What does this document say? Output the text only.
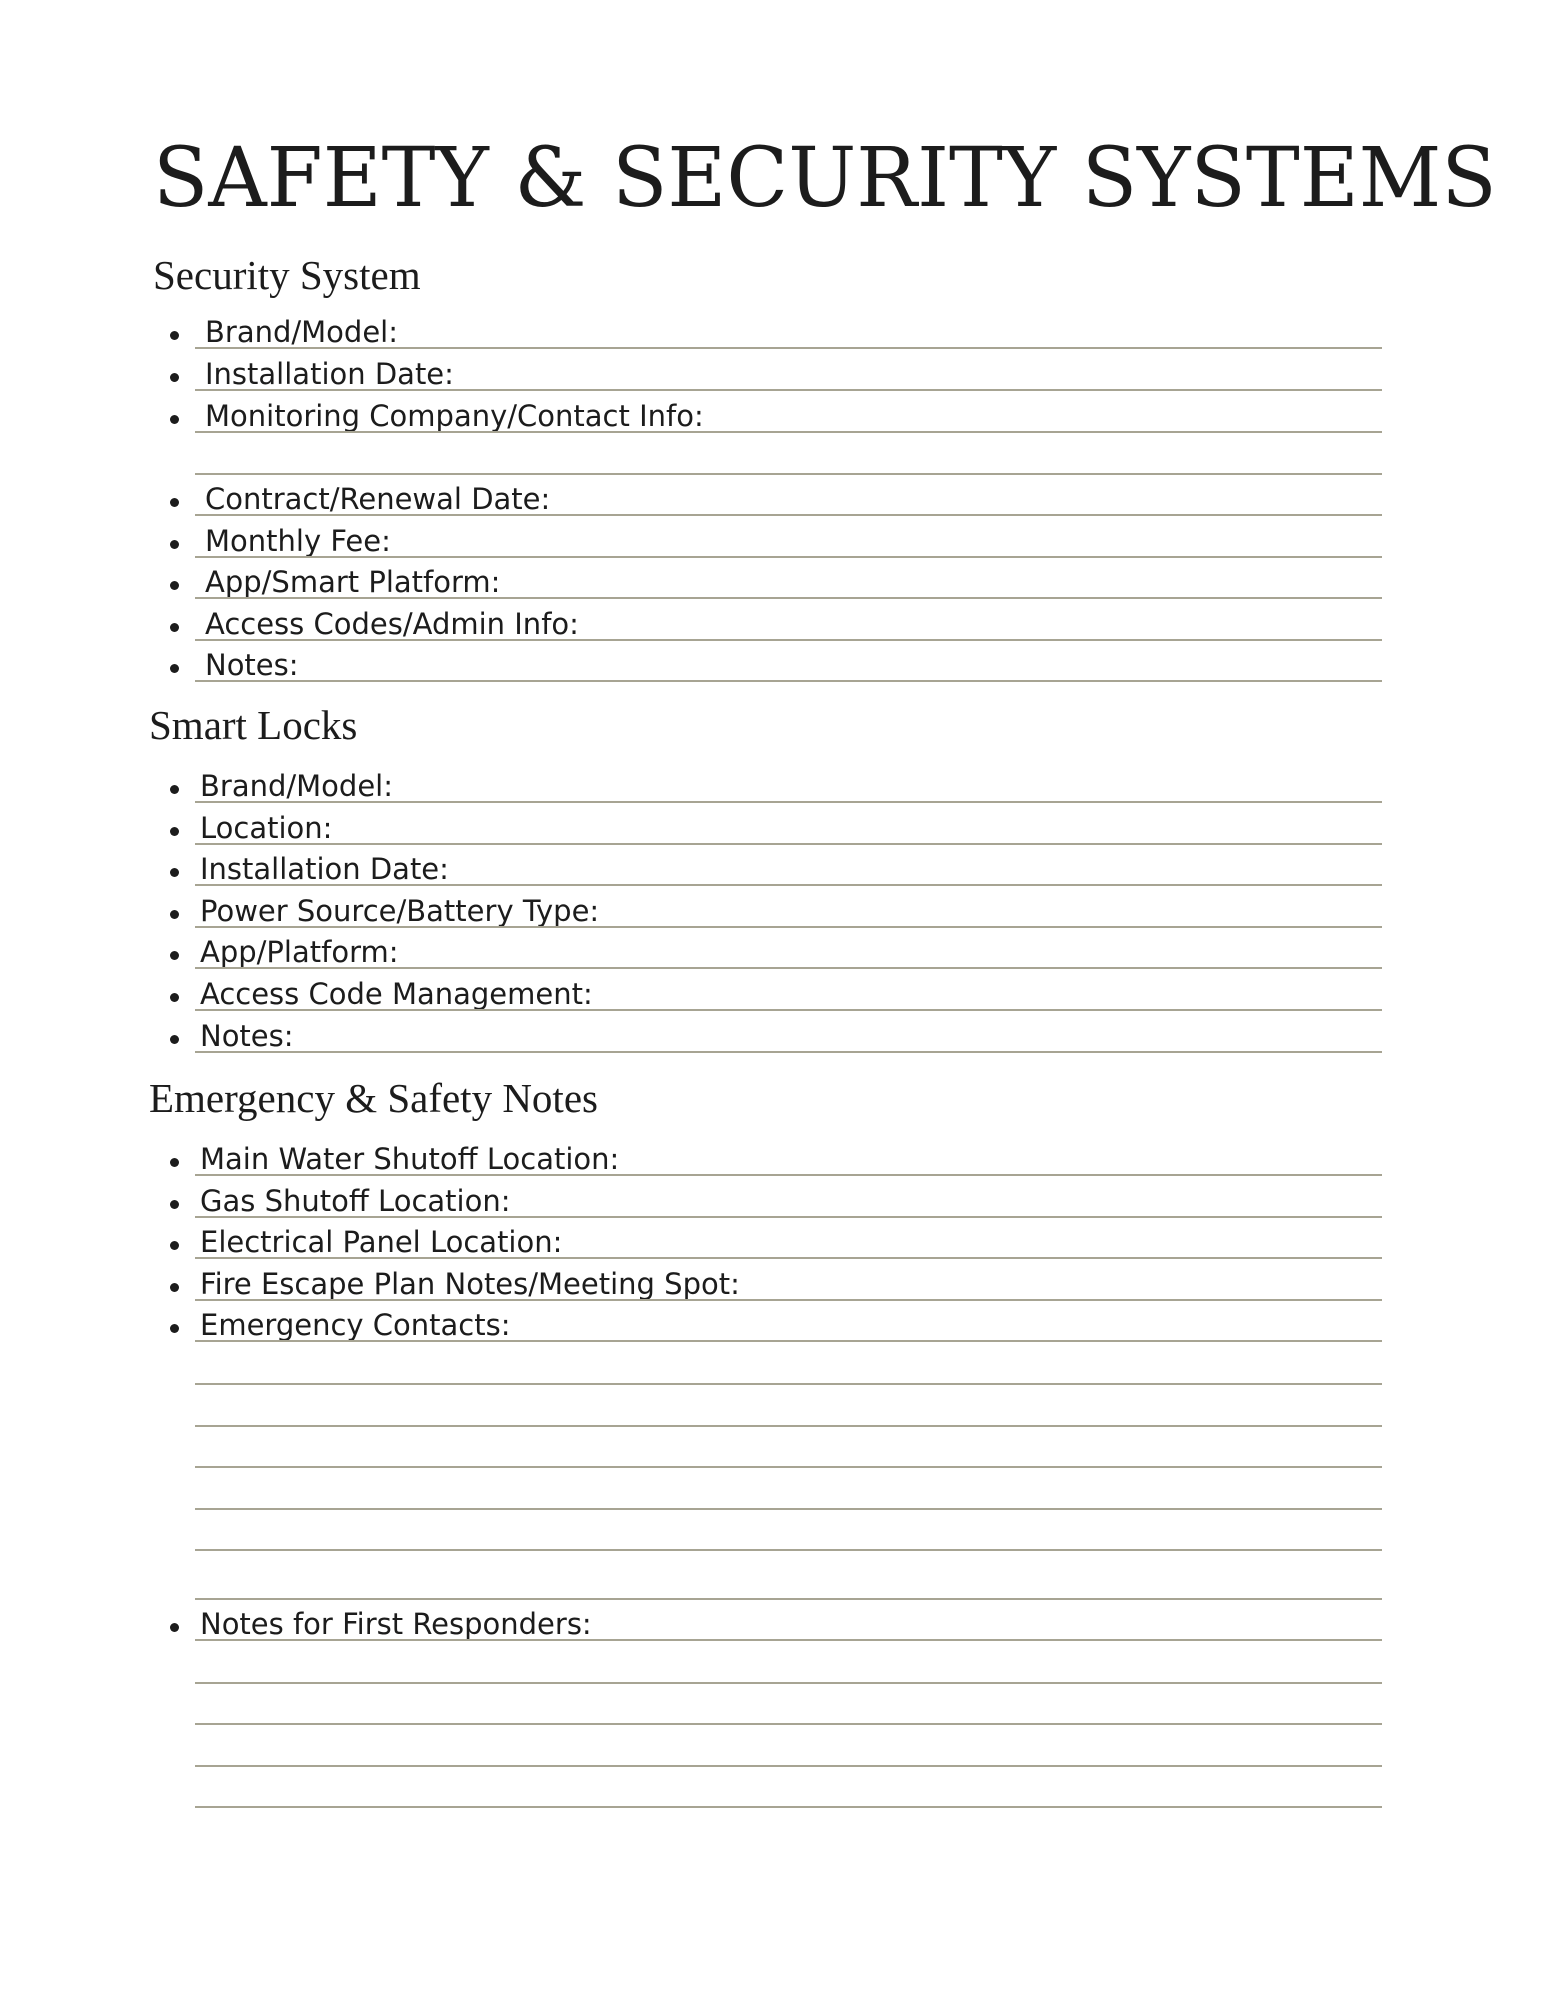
SAFETY & SECURITY SYSTEMS
Security System
Brand/Model:
Installation Date:
Monitoring Company/Contact Info:
Contract/Renewal Date:
Monthly Fee:
App/Smart Platform:
Access Codes/Admin Info:
Notes:
Smart Locks
Brand/Model:
Location:
Installation Date:
Power Source/Battery Type:
App/Platform:
Access Code Management:
Notes:
Emergency & Safety Notes
Main Water Shutoff Location:
Gas Shutoff Location:
Electrical Panel Location:
Fire Escape Plan Notes/Meeting Spot:
Emergency Contacts:
Notes for First Responders:
